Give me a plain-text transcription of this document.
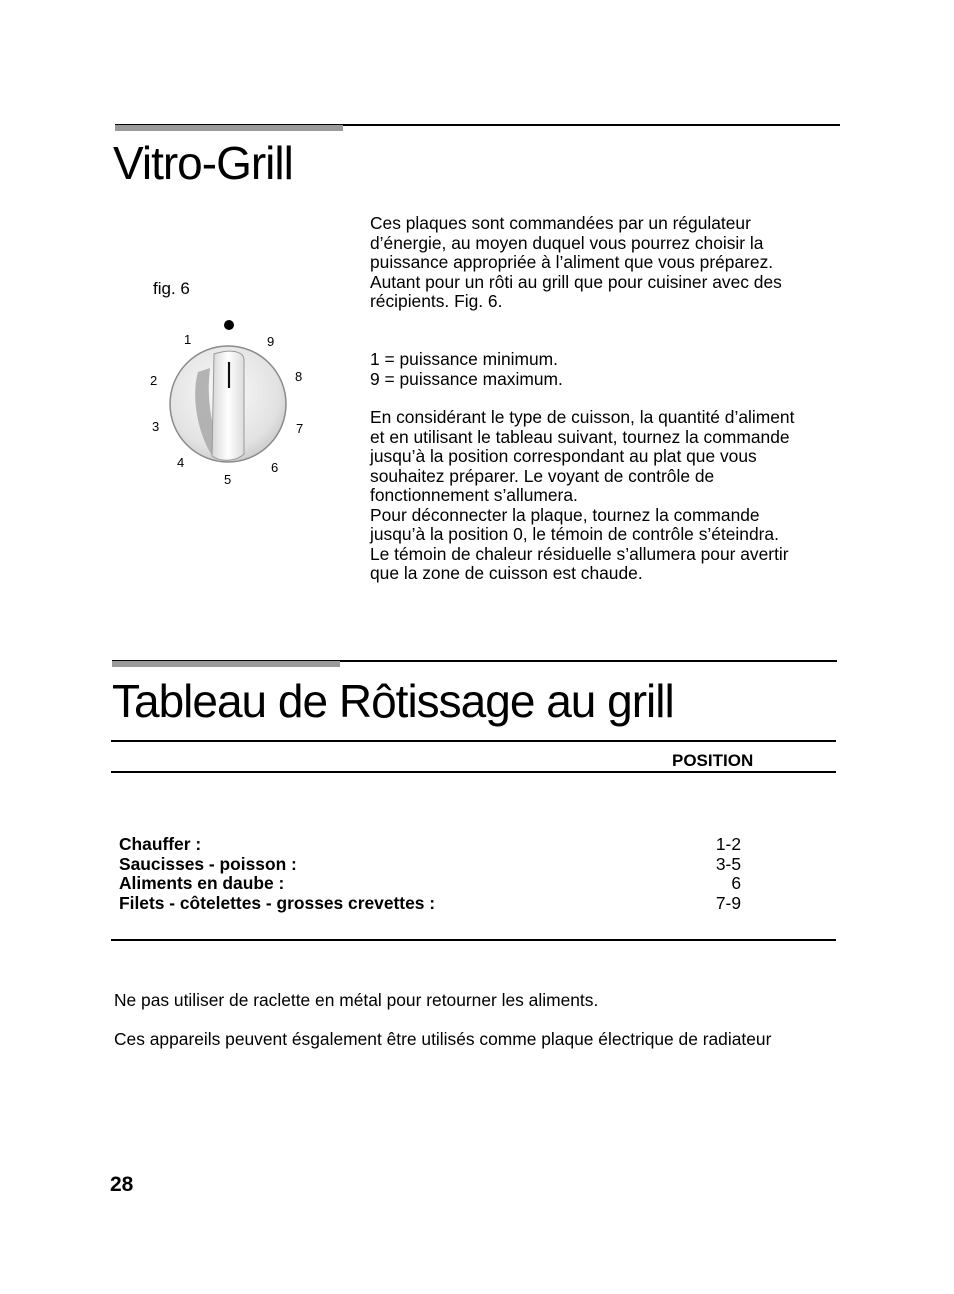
Vitro-Grill
fig. 6
1
2
3
4
5
6
7
8
9

Ces plaques sont commandées par un régulateur
d’énergie, au moyen duquel vous pourrez choisir la
puissance appropriée à l’aliment que vous préparez.
Autant pour un rôti au grill que pour cuisiner avec des
récipients. Fig. 6.

1 = puissance minimum.
9 = puissance maximum.

En considérant le type de cuisson, la quantité d’aliment
et en utilisant le tableau suivant, tournez la commande
jusqu’à la position correspondant au plat que vous
souhaitez préparer. Le voyant de contrôle de
fonctionnement s’allumera.
Pour déconnecter la plaque, tournez la commande
jusqu’à la position 0, le témoin de contrôle s’éteindra.
Le témoin de chaleur résiduelle s’allumera pour avertir
que la zone de cuisson est chaude.

Tableau de Rôtissage au grill
POSITION
Chauffer :	1-2
Saucisses - poisson :	3-5
Aliments en daube :	6
Filets - côtelettes - grosses crevettes :	7-9
Ne pas utiliser de raclette en métal pour retourner les aliments.
Ces appareils peuvent ésgalement être utilisés comme plaque électrique de radiateur
28
